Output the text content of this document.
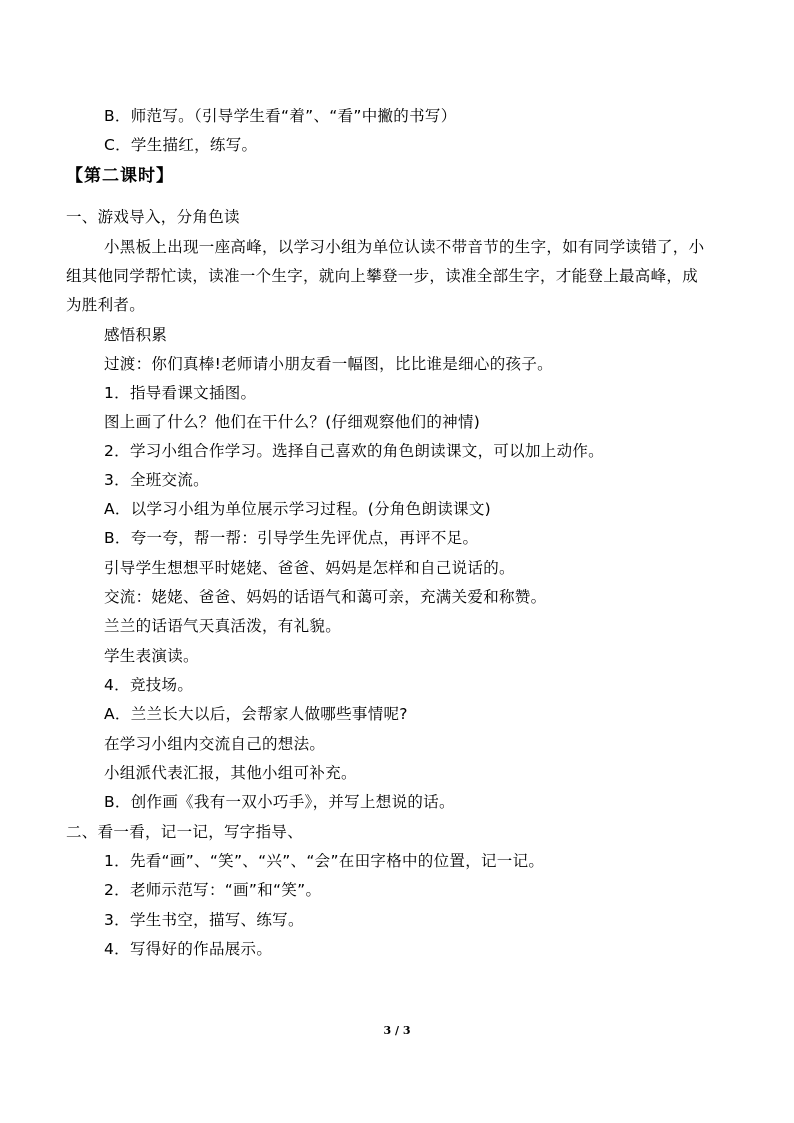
B．师范写。（引导学生看“着”、“看”中撇的书写）
C．学生描红，练写。
【第二课时】
一、游戏导入，分角色读
小黑板上出现一座高峰，以学习小组为单位认读不带音节的生字，如有同学读错了，小
组其他同学帮忙读，读准一个生字，就向上攀登一步，读准全部生字，才能登上最高峰，成
为胜利者。
感悟积累
过渡：你们真棒!老师请小朋友看一幅图，比比谁是细心的孩子。
1．指导看课文插图。
图上画了什么？他们在干什么？(仔细观察他们的神情)
2．学习小组合作学习。选择自己喜欢的角色朗读课文，可以加上动作。
3．全班交流。
A．以学习小组为单位展示学习过程。(分角色朗读课文)
B．夸一夸，帮一帮：引导学生先评优点，再评不足。
引导学生想想平时姥姥、爸爸、妈妈是怎样和自己说话的。
交流：姥姥、爸爸、妈妈的话语气和蔼可亲，充满关爱和称赞。
兰兰的话语气天真活泼，有礼貌。
学生表演读。
4．竞技场。
A．兰兰长大以后，会帮家人做哪些事情呢?
在学习小组内交流自己的想法。
小组派代表汇报，其他小组可补充。
B．创作画《我有一双小巧手》，并写上想说的话。
二、看一看，记一记，写字指导、
1．先看“画”、“笑”、“兴”、“会”在田字格中的位置，记一记。
2．老师示范写：“画”和“笑”。
3．学生书空，描写、练写。
4．写得好的作品展示。
3 / 3
